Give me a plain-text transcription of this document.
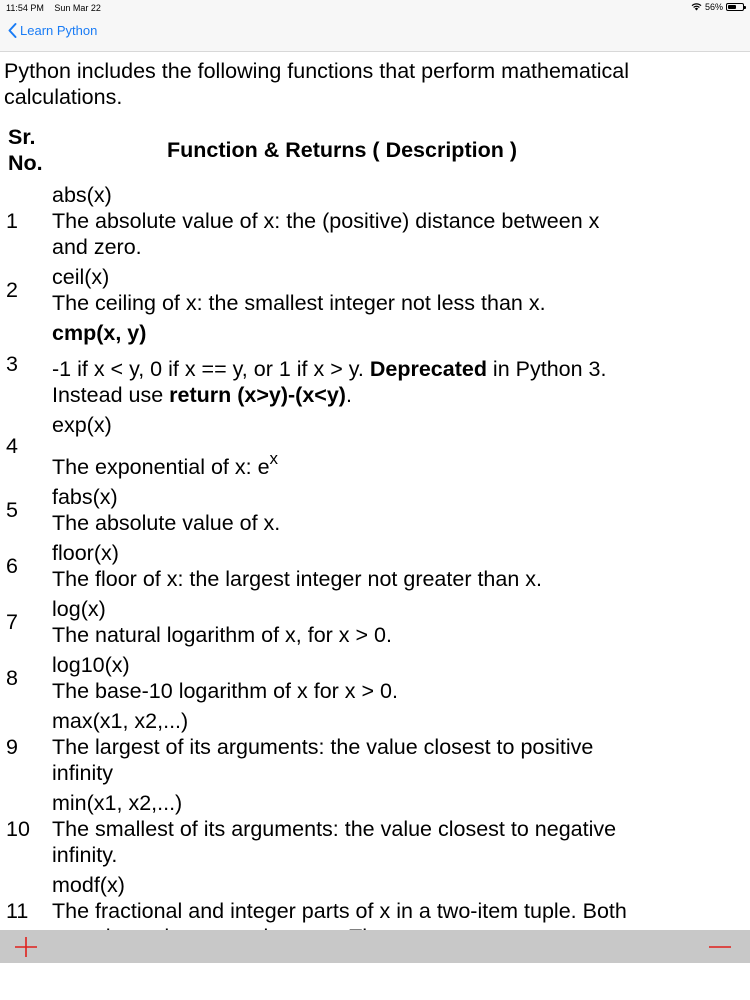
11:54 PM Sun Mar 22	56%
Learn Python
Python includes the following functions that perform mathematical calculations.
Sr. No.	Function & Returns ( Description )
1	abs(x)
The absolute value of x: the (positive) distance between x and zero.
2	ceil(x)
The ceiling of x: the smallest integer not less than x.
3	cmp(x, y)
-1 if x < y, 0 if x == y, or 1 if x > y. Deprecated in Python 3. Instead use return (x>y)-(x<y).
4	exp(x)
The exponential of x: $e^x$
5	fabs(x)
The absolute value of x.
6	floor(x)
The floor of x: the largest integer not greater than x.
7	log(x)
The natural logarithm of x, for x > 0.
8	log10(x)
The base-10 logarithm of x for x > 0.
9	max(x1, x2,...)
The largest of its arguments: the value closest to positive infinity
10	min(x1, x2,...)
The smallest of its arguments: the value closest to negative infinity.
11	modf(x)
The fractional and integer parts of x in a two-item tuple. Both
